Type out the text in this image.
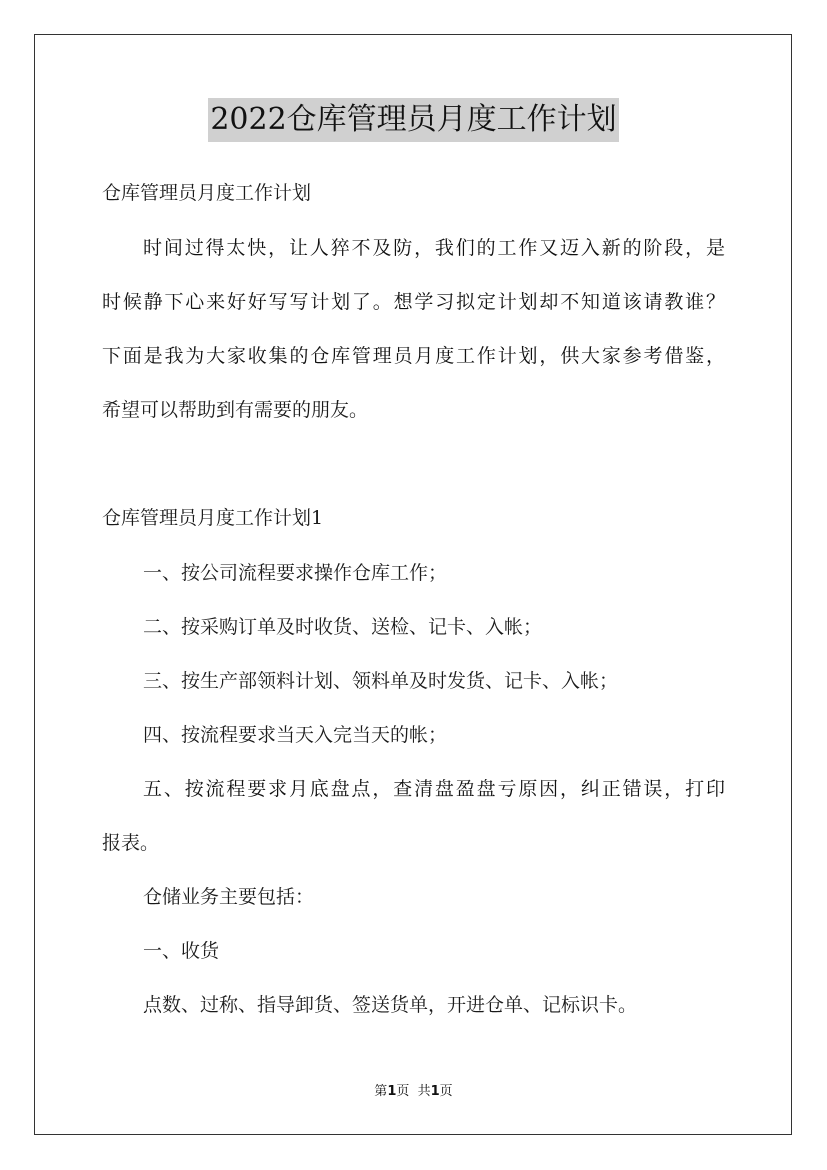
2022仓库管理员月度工作计划
仓库管理员月度工作计划
时间过得太快，让人猝不及防，我们的工作又迈入新的阶段，是
时候静下心来好好写写计划了。想学习拟定计划却不知道该请教谁？
下面是我为大家收集的仓库管理员月度工作计划，供大家参考借鉴，
希望可以帮助到有需要的朋友。
仓库管理员月度工作计划1
一、按公司流程要求操作仓库工作；
二、按采购订单及时收货、送检、记卡、入帐；
三、按生产部领料计划、领料单及时发货、记卡、入帐；
四、按流程要求当天入完当天的帐；
五、按流程要求月底盘点，查清盘盈盘亏原因，纠正错误，打印
报表。
仓储业务主要包括：
一、收货
点数、过称、指导卸货、签送货单，开进仓单、记标识卡。
第1页  共1页
